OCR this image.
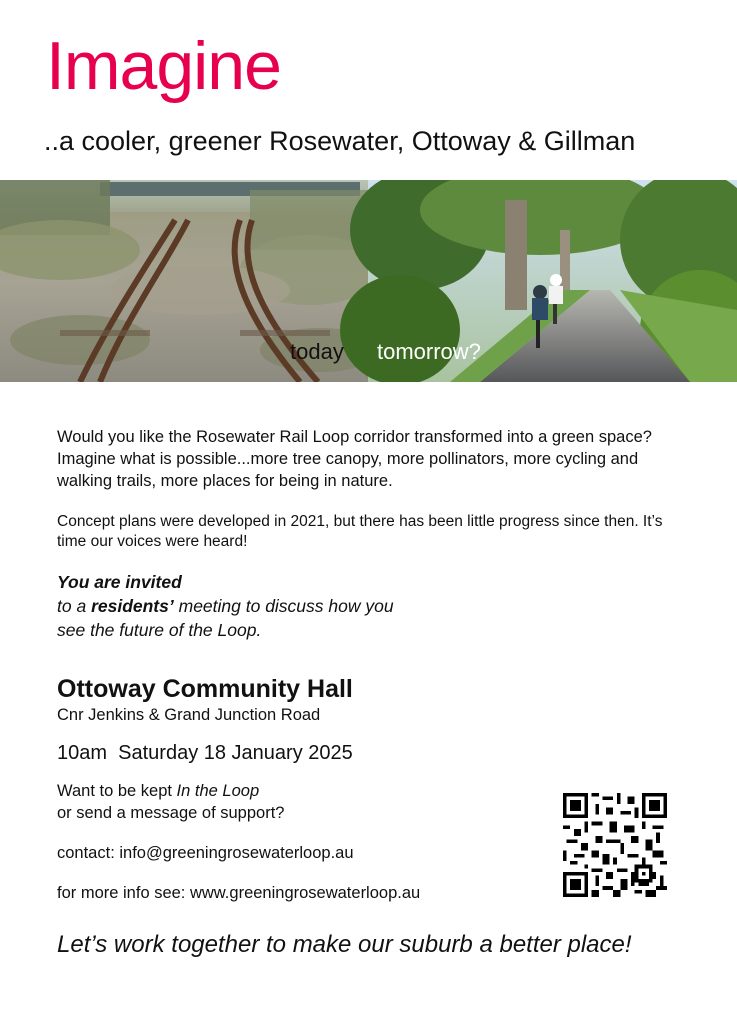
Imagine
..a cooler, greener Rosewater, Ottoway & Gillman
today tomorrow?
Would you like the Rosewater Rail Loop corridor transformed into a green space? Imagine what is possible...more tree canopy, more pollinators, more cycling and walking trails, more places for being in nature.
Concept plans were developed in 2021, but there has been little progress since then. It’s time our voices were heard!
You are invited
to a residents’ meeting to discuss how you
see the future of the Loop.
Ottoway Community Hall
Cnr Jenkins & Grand Junction Road
10am  Saturday 18 January 2025
Want to be kept In the Loop
or send a message of support?
contact: info@greeningrosewaterloop.au
for more info see: www.greeningrosewaterloop.au
Let’s work together to make our suburb a better place!
